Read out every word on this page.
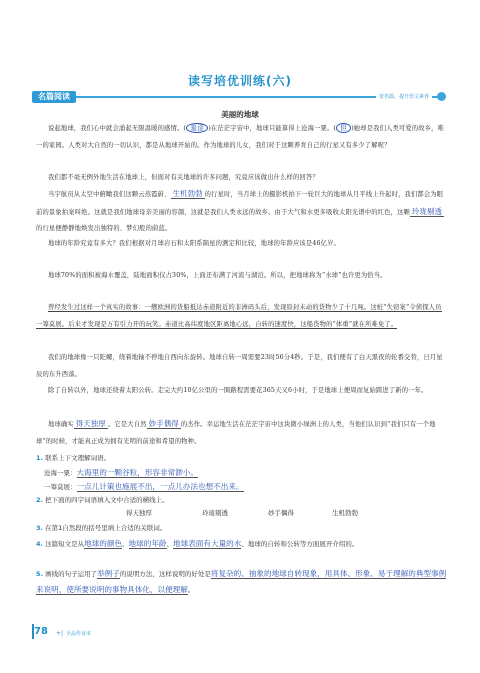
读写培优训练(六)
名篇阅读	宽名篇，提升语文素养
美丽的地球
说起地球，我们心中就会涌起无限温暖的感情。( 羞涩 )在茫茫宇宙中，地球只能算得上沧海一粟。( 但 )她却是我们人类可爱的故乡，唯一的家园。人类对大自然的一切认识，都是从地球开始的。作为地球的儿女，我们对于这颗养育自己的行星又有多少了解呢？
我们都不毫无例外地生活在地球上，但面对有关地球的许多问题，究竟应该做出什么样的回答？
当宇航员从太空中俯瞰我们这颗云蒸霞蔚、 生机勃勃 的行星时，当月球上的摄影机拍下一轮巨大的地球从月平线上升起时，我们都会为眼前的景象拍案叫绝。这就是我们地球母亲美丽的容颜，这就是我们人类永远的故乡。由于大气和水更多吸收太阳光谱中的红色，这颗 玲珑剔透的行星便静静地焕发出独特的、梦幻般的蔚蓝。
地球的年龄究竟有多大？我们根据对月球岩石和太阳系陨星的测定和比较，地球的年龄应该是46亿岁。
地球70%的面积被海水覆盖，陆地面积仅占30%，上面还布满了河流与湖泊。所以，把地球称为“水球”也许更为恰当。
曾经发生过这样一个真实的故事：一艘欧洲的货船抵达赤道附近的非洲码头后，发现原封未动的货物少了十几吨。这桩“失窃案”令侦探人员一筹莫展。后来才发现是万有引力开的玩笑。赤道比高纬度地区距离地心远，自转的速度快，这船货物的“体重”就在所难免了。
我们的地球像一只陀螺，绕着地轴不停地自西向东旋转。地球自转一周需要23时56分4秒。于是，我们便有了白天黑夜的轮番交替，日月星辰的东升西落。
除了自转以外，地球还绕着太阳公转。走完大约10亿公里的一圈路程需要花365天又6小时，于是地球上便周而复始跨进了新的一年。
地球确实 得天独厚 。它是大自然 妙手偶得 的杰作。幸运地生活在茫茫宇宙中这块微小绿洲上的人类，当他们认识到“我们只有一个地球”的时候，才能真正成为拥有光明的前途和希望的物种。
1. 联系上下文理解词语。
沧海一粟：大海里的一颗谷粒，形容非常渺小。
一筹莫展：一点儿计策也施展不出，一点儿办法也想不出来。
2. 把下面的四字词语填入文中合适的横线上。
得天独厚	玲珑剔透	妙手偶得	生机勃勃
3. 在第1自然段的括号里填上合适的关联词。
4. 这篇短文是从地球的颜色、地球的年龄、地球表面有大量的水、地球的自转和公转等方面展开介绍的。
5. 画线的句子运用了举例子的说明方法，这样说明的好处是将复杂的、抽象的地球自转现象，用具体、形象、易于理解的典型事例来说明，使所要说明的事物具体化，以便理解。
78 +| 全品作业本
